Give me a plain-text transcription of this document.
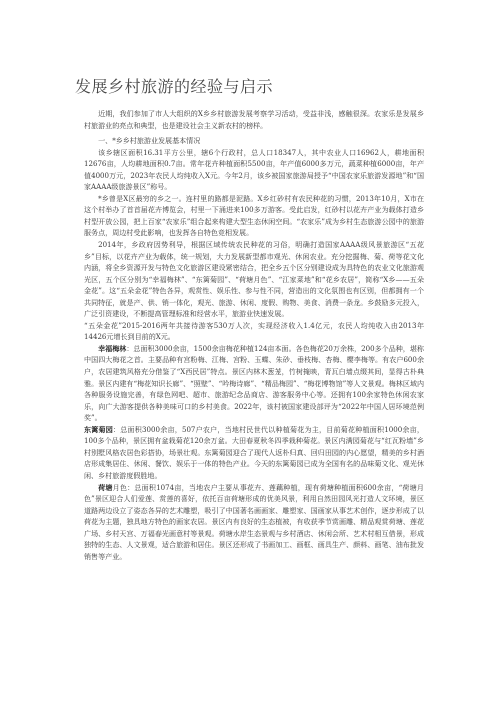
发展乡村旅游的经验与启示

近期，我们参加了市人大组织的X乡乡村旅游发展考察学习活动，受益非浅，感触很深。农家乐是发展乡村旅游业的亮点和典型，也是建设社会主义新农村的榜样。

一、*乡乡村旅游业发展基本情况

该乡辖区面积16.31平方公里，辖6个行政村，总人口18347人，其中农业人口16962人，耕地面积12676亩，人均耕地面积0.7亩。常年花卉种植面积5500亩，年产值6000多万元，蔬菜种植6000亩，年产值4000万元，2023年农民人均纯收入X元。今年2月，该乡被国家旅游局授予“中国农家乐旅游发源地”和“国家AAAA级旅游景区”称号。

*乡曾是X区最穷的乡之一。连村里的路都是泥路。X乡红砂村有农民种花的习惯，2013年10月，X市在这个村举办了首首届花卉博览会，村里一下涌进来100多万游客。受此启发，红砂村以花卉产业为载体打造乡村型开放公园，把上百家“农家乐”组合起来构建大型生态休闲空间。“农家乐”成为乡村生态旅游公园中的旅游服务点，周边村受此影响，也发挥各自特色竞相发展。

2014年，乡政府因势利导，根据区域传统农民种花的习俗，明确打造国家AAAA级风景旅游区“五花乡”目标，以花卉产业为载体，统一规划，大力发展新型都市观光、休闲农业。充分挖掘梅、菊、荷等花文化内涵，将全乡资源开发与特色文化旅游区建设紧密结合，把全乡五个区分别建设成为具特色的农业文化旅游观光区，五个区分别为“幸福梅林”、“东篱菊园”、“荷塘月色”、“江家菜地”和“花乡农居”，简称“X乡——五朵金花”。这“五朵金花”特色各异，观赏性、娱乐性、参与性不同，营造出的文化氛围也有区别，但都拥有一个共同特征，就是产、供、销一体化，观光、旅游、休闲、度假、购物、美食、消费一条龙。乡鼓励多元投入，广泛引资建设，不断提高管理标准和经营水平，旅游业快速发展。

“五朵金花”2015-2016两年共接待游客530万人次，实现经济收入1.4亿元，农民人均纯收入由2013年14426元增长到目前的X元。

幸福梅林：总面积3000余亩，1500余亩梅花种植124亩本面。各色梅花20万余株，200多个品种，堪称中国四大梅花之首。主要品种有宫粉梅、江梅、宫粉、玉蝶、朱砂、垂枝梅、杏梅、樱李梅等。有农户600余户，农居建筑风格充分借鉴了“X西民居”特点。景区内林木葱茏，竹树掩映，青瓦白墙点缀其间，显得古朴典雅。景区内建有“梅花知识长廊”、“照壁”、“吟梅诗廊”、“精品梅园”、“梅花博物馆”等人文景观。梅林区域内各种服务设施完善，有绿色网吧、超市、旅游纪念品商店、游客服务中心等。还拥有100余家特色休闲农家乐，向广大游客提供各种美味可口的乡村美食。2022年，该村被国家建设部评为“2022年中国人居环境范例奖”。

东篱菊园：总面积3000余亩，507户农户，当地村民世代以种植菊花为主，目前菊花种植面积1000余亩，100多个品种，景区拥有盆栽菊花120余万盆。大田春夏秋冬四季栽种菊花。景区内满园菊花与“红瓦粉墙”乡村别墅风格农居色彩搭协，场景壮观。东篱菊园迎合了现代人返朴归真、回归田园的内心愿望，精美的乡村酒店形成集居住、休闲、餐饮、娱乐于一体的特色产业。今天的东篱菊园已成为全国有名的品味菊文化、观光休闲、乡村旅游度假胜地。

荷塘月色：总面积1074亩，当地农户主要从事花卉、莲藕种植，现有荷塘种植面积600余亩，“荷塘月色”景区迎合人们爱莲、赏莲的喜好，依托百亩荷塘形成的优美风景，利用自然田园风光打造人文环境，景区道路两边设立了姿态各异的艺术雕塑，吸引了中国著名画画家、雕塑家、国画家从事艺术创作，逐步形成了以荷花为主题，独具地方特色的画家农居。景区内有良好的生态植被，有收获季节赏画雕、精品观赏荷塘、莲花广场、乡村天宫、万福春光画意村等景观。荷塘水岸生态景观与乡村酒店、休闲会所、艺术村相互借景，形成独特的生态、人文景观，适合旅游和居住。景区还形成了书画加工、画框、画具生产、颜料、画笔、油布批发销售等产业。
